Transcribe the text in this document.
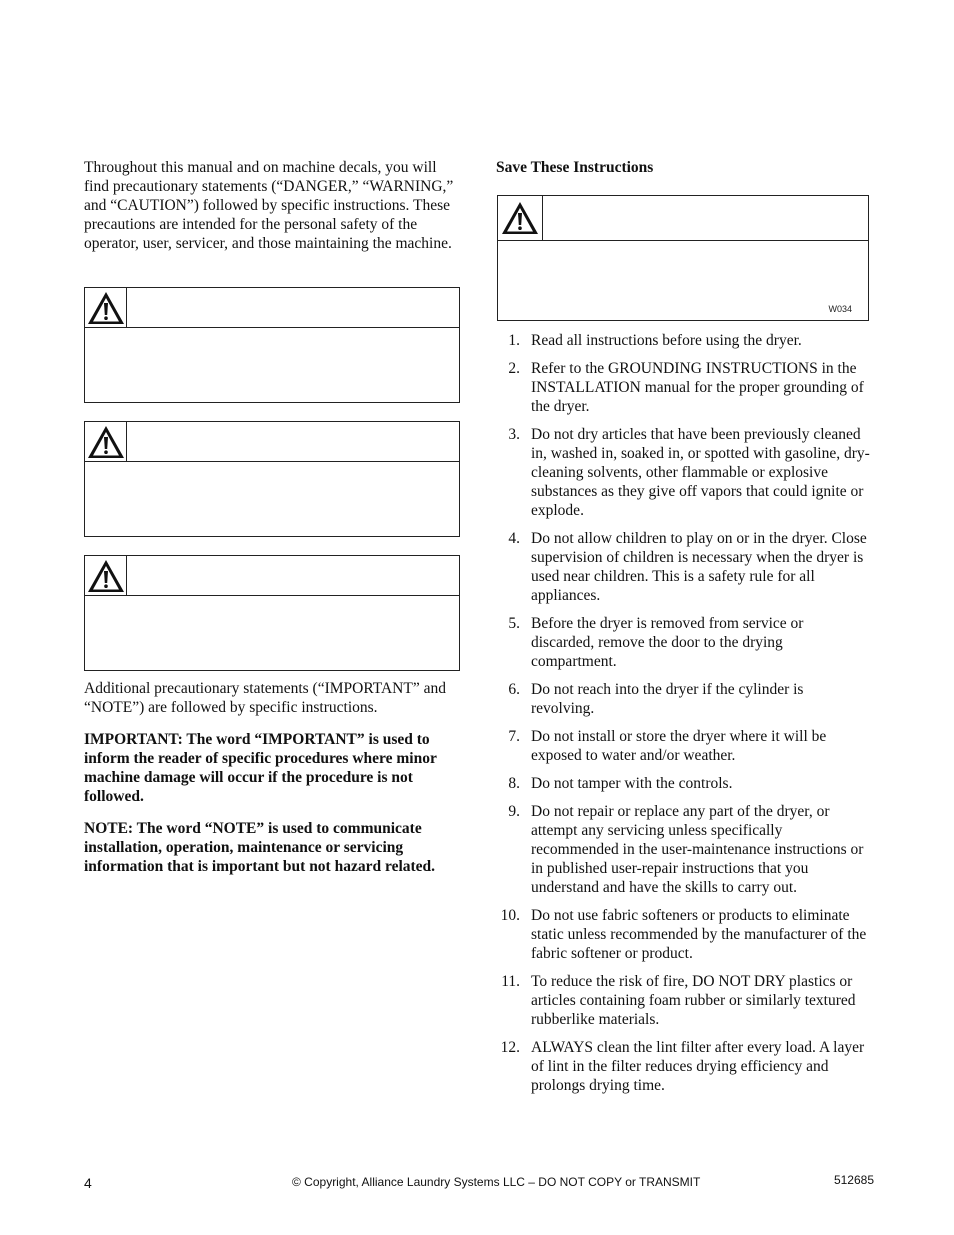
Throughout this manual and on machine decals, you will find precautionary statements (“DANGER,” “WARNING,” and “CAUTION”) followed by specific instructions. These precautions are intended for the personal safety of the operator, user, servicer, and those maintaining the machine.

Additional precautionary statements (“IMPORTANT” and “NOTE”) are followed by specific instructions.

IMPORTANT: The word “IMPORTANT” is used to inform the reader of specific procedures where minor machine damage will occur if the procedure is not followed.

NOTE: The word “NOTE” is used to communicate installation, operation, maintenance or servicing information that is important but not hazard related.

Save These Instructions

W034
1. Read all instructions before using the dryer.
2. Refer to the GROUNDING INSTRUCTIONS in the INSTALLATION manual for the proper grounding of the dryer.
3. Do not dry articles that have been previously cleaned in, washed in, soaked in, or spotted with gasoline, dry-cleaning solvents, other flammable or explosive substances as they give off vapors that could ignite or explode.
4. Do not allow children to play on or in the dryer. Close supervision of children is necessary when the dryer is used near children. This is a safety rule for all appliances.
5. Before the dryer is removed from service or discarded, remove the door to the drying compartment.
6. Do not reach into the dryer if the cylinder is revolving.
7. Do not install or store the dryer where it will be exposed to water and/or weather.
8. Do not tamper with the controls.
9. Do not repair or replace any part of the dryer, or attempt any servicing unless specifically recommended in the user-maintenance instructions or in published user-repair instructions that you understand and have the skills to carry out.
10. Do not use fabric softeners or products to eliminate static unless recommended by the manufacturer of the fabric softener or product.
11. To reduce the risk of fire, DO NOT DRY plastics or articles containing foam rubber or similarly textured rubberlike materials.
12. ALWAYS clean the lint filter after every load. A layer of lint in the filter reduces drying efficiency and prolongs drying time.
4	© Copyright, Alliance Laundry Systems LLC – DO NOT COPY or TRANSMIT	512685
